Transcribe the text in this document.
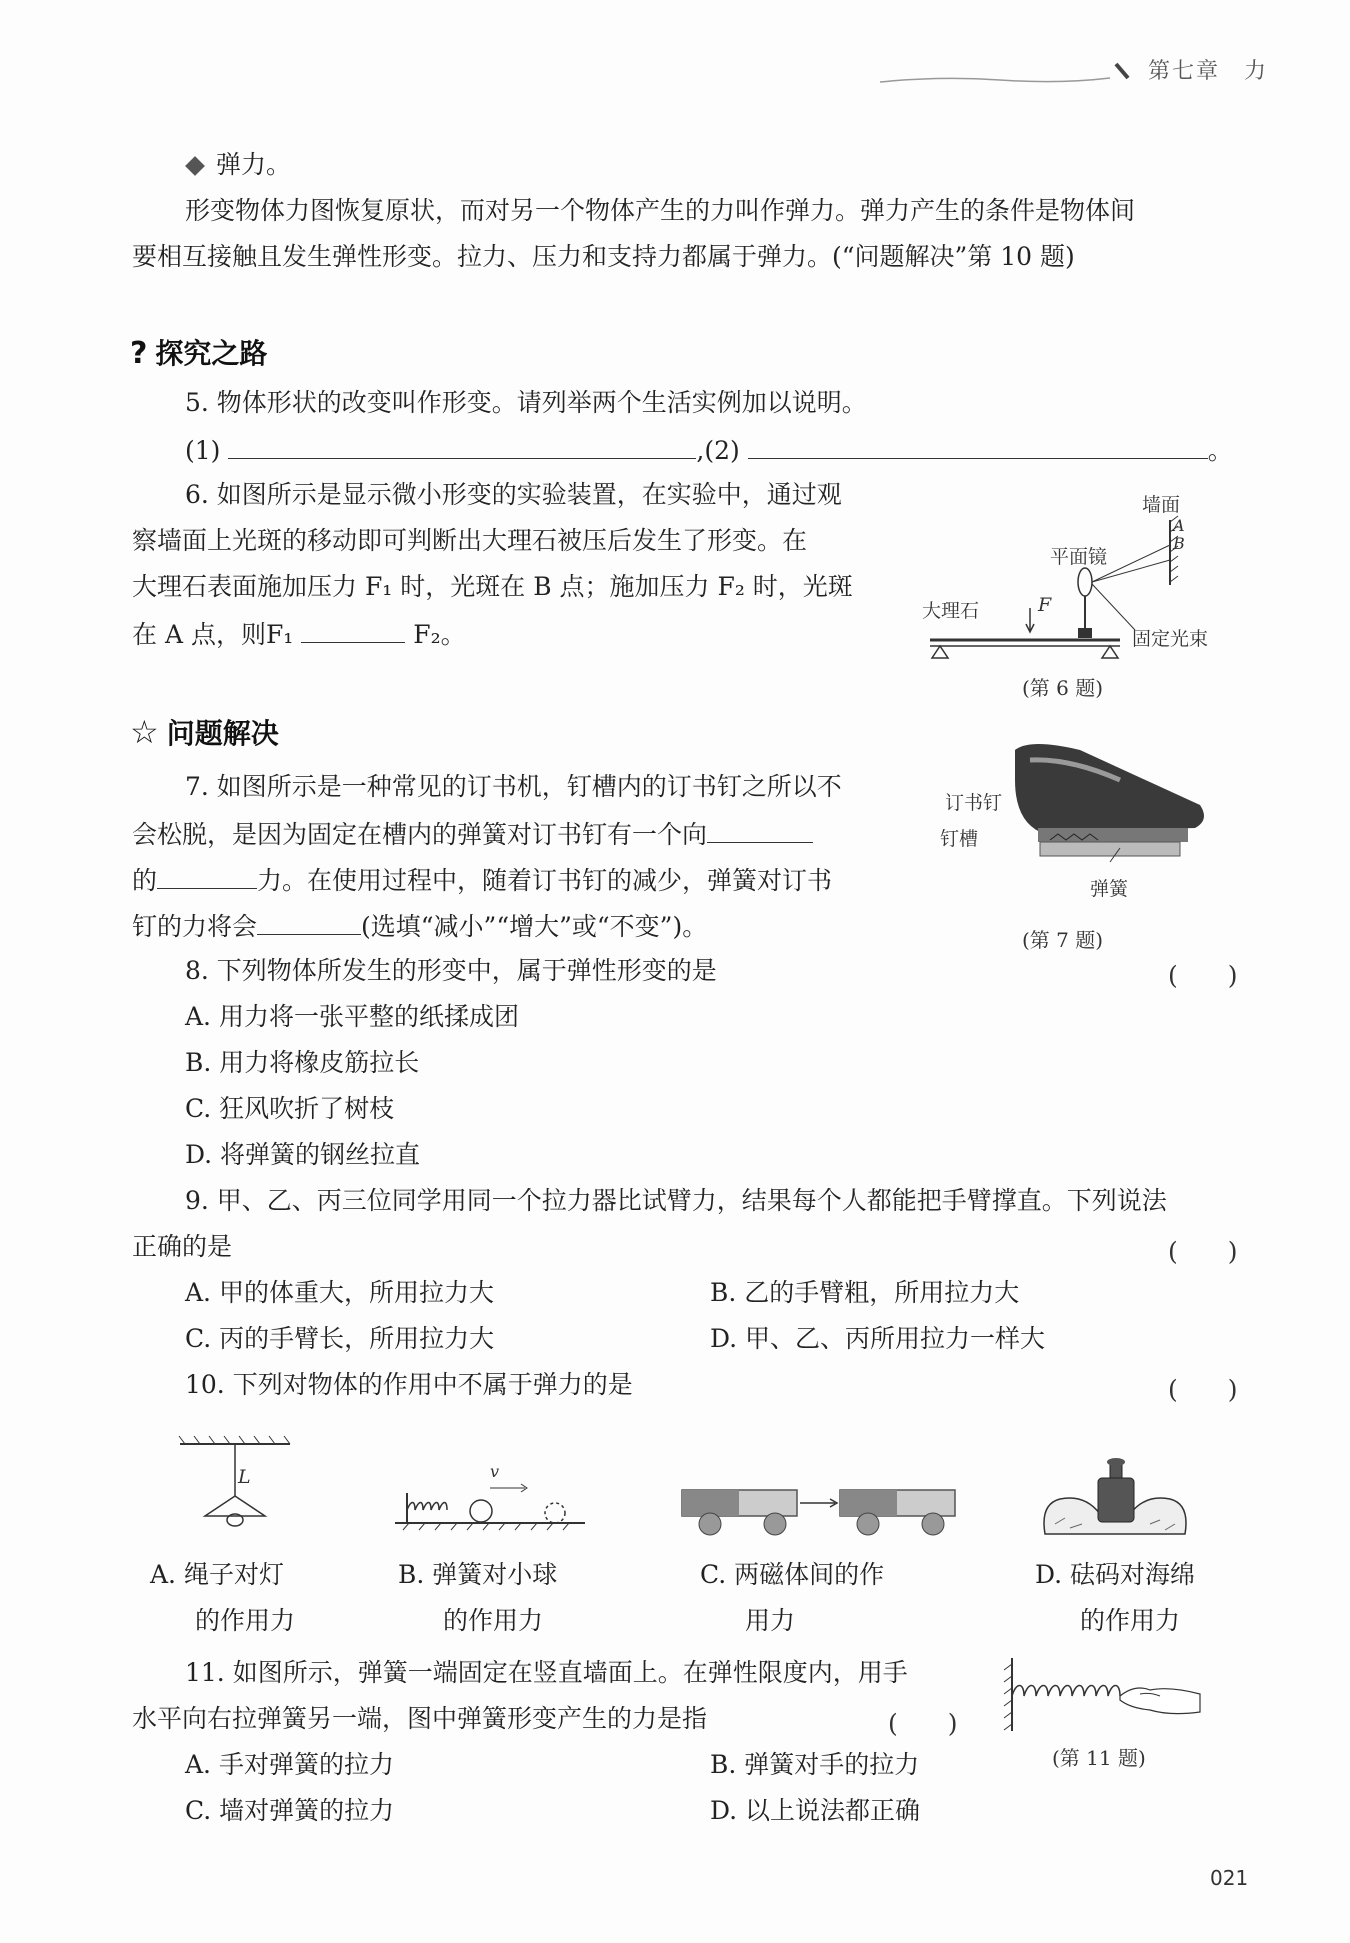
第七章　力
弹力。
形变物体力图恢复原状，而对另一个物体产生的力叫作弹力。弹力产生的条件是物体间
要相互接触且发生弹性形变。拉力、压力和支持力都属于弹力。(“问题解决”第 10 题)
? 探究之路
5. 物体形状的改变叫作形变。请列举两个生活实例加以说明。
(1)	,(2)	。
6. 如图所示是显示微小形变的实验装置，在实验中，通过观
察墙面上光斑的移动即可判断出大理石被压后发生了形变。在
大理石表面施加压力 F₁ 时，光斑在 B 点；施加压力 F₂ 时，光斑
在 A 点，则F₁	F₂。
墙面
A
B
平面镜
大理石	F
固定光束
(第 6 题)
☆ 问题解决
7. 如图所示是一种常见的订书机，钉槽内的订书钉之所以不
会松脱，是因为固定在槽内的弹簧对订书钉有一个向
的	力。在使用过程中，随着订书钉的减少，弹簧对订书
钉的力将会	(选填“减小”“增大”或“不变”)。
订书钉
钉槽
弹簧
(第 7 题)
8. 下列物体所发生的形变中，属于弹性形变的是	(　　)
A. 用力将一张平整的纸揉成团
B. 用力将橡皮筋拉长
C. 狂风吹折了树枝
D. 将弹簧的钢丝拉直
9. 甲、乙、丙三位同学用同一个拉力器比试臂力，结果每个人都能把手臂撑直。下列说法
正确的是	(　　)
A. 甲的体重大，所用拉力大	B. 乙的手臂粗，所用拉力大
C. 丙的手臂长，所用拉力大	D. 甲、乙、丙所用拉力一样大
10. 下列对物体的作用中不属于弹力的是	(　　)
L	v
A. 绳子对灯
的作用力
B. 弹簧对小球
的作用力
C. 两磁体间的作
用力
D. 砝码对海绵
的作用力
11. 如图所示，弹簧一端固定在竖直墙面上。在弹性限度内，用手
水平向右拉弹簧另一端，图中弹簧形变产生的力是指	(　　)
A. 手对弹簧的拉力	B. 弹簧对手的拉力
C. 墙对弹簧的拉力	D. 以上说法都正确
(第 11 题)
021
